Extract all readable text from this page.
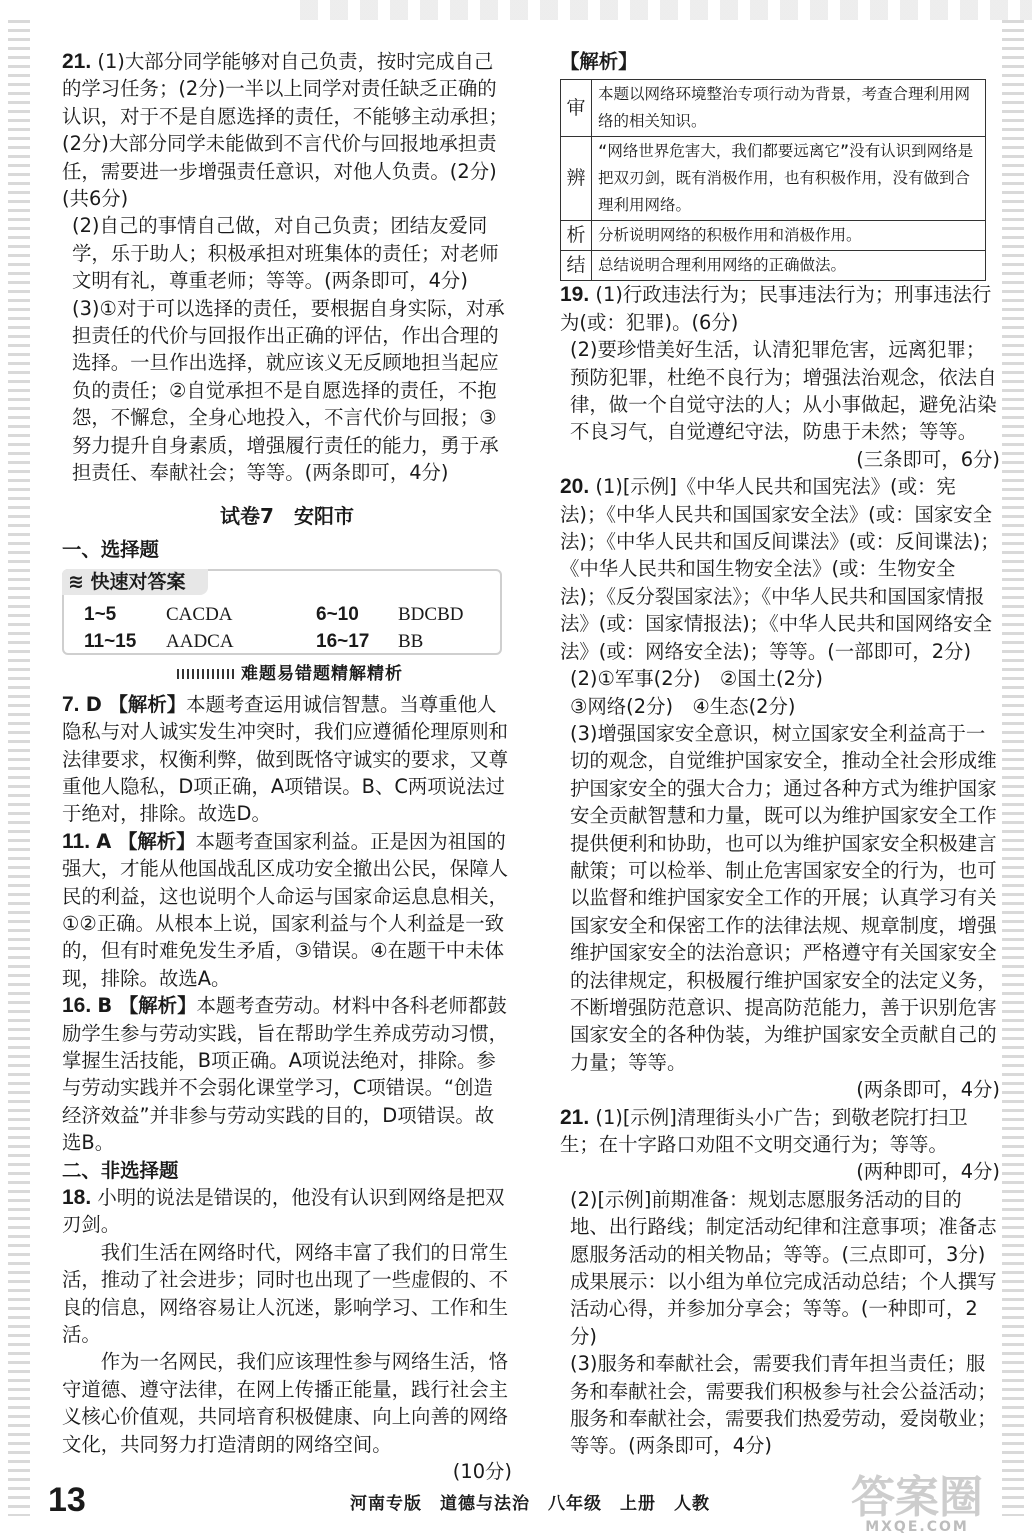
21. (1)大部分同学能够对自己负责，按时完成自己的学习任务；(2分)一半以上同学对责任缺乏正确的认识，对于不是自愿选择的责任，不能够主动承担；(2分)大部分同学未能做到不言代价与回报地承担责任，需要进一步增强责任意识，对他人负责。(2分)(共6分)

(2)自己的事情自己做，对自己负责；团结友爱同学，乐于助人；积极承担对班集体的责任；对老师文明有礼，尊重老师；等等。(两条即可，4分)

(3)①对于可以选择的责任，要根据自身实际，对承担责任的代价与回报作出正确的评估，作出合理的选择。一旦作出选择，就应该义无反顾地担当起应负的责任；②自觉承担不是自愿选择的责任，不抱怨，不懈怠，全身心地投入，不言代价与回报；③努力提升自身素质，增强履行责任的能力，勇于承担责任、奉献社会；等等。(两条即可，4分)

试卷7　安阳市

一、选择题

≋ 快速对答案
1~5	CACDA	6~10	BDCBD
11~15	AADCA	16~17	BB
难题易错题精解精析

7. D 【解析】本题考查运用诚信智慧。当尊重他人隐私与对人诚实发生冲突时，我们应遵循伦理原则和法律要求，权衡利弊，做到既恪守诚实的要求，又尊重他人隐私，D项正确，A项错误。B、C两项说法过于绝对，排除。故选D。

11. A 【解析】本题考查国家利益。正是因为祖国的强大，才能从他国战乱区成功安全撤出公民，保障人民的利益，这也说明个人命运与国家命运息息相关，①②正确。从根本上说，国家利益与个人利益是一致的，但有时难免发生矛盾，③错误。④在题干中未体现，排除。故选A。

16. B 【解析】本题考查劳动。材料中各科老师都鼓励学生参与劳动实践，旨在帮助学生养成劳动习惯，掌握生活技能，B项正确。A项说法绝对，排除。参与劳动实践并不会弱化课堂学习，C项错误。“创造经济效益”并非参与劳动实践的目的，D项错误。故选B。

二、非选择题

18. 小明的说法是错误的，他没有认识到网络是把双刃剑。

我们生活在网络时代，网络丰富了我们的日常生活，推动了社会进步；同时也出现了一些虚假的、不良的信息，网络容易让人沉迷，影响学习、工作和生活。

作为一名网民，我们应该理性参与网络生活，恪守道德、遵守法律，在网上传播正能量，践行社会主义核心价值观，共同培育积极健康、向上向善的网络文化，共同努力打造清朗的网络空间。

(10分)

【解析】

审	本题以网络环境整治专项行动为背景，考查合理利用网络的相关知识。
辨	“网络世界危害大，我们都要远离它”没有认识到网络是把双刃剑，既有消极作用，也有积极作用，没有做到合理利用网络。
析	分析说明网络的积极作用和消极作用。
结	总结说明合理利用网络的正确做法。

19. (1)行政违法行为；民事违法行为；刑事违法行为(或：犯罪)。(6分)

(2)要珍惜美好生活，认清犯罪危害，远离犯罪；预防犯罪，杜绝不良行为；增强法治观念，依法自律，做一个自觉守法的人；从小事做起，避免沾染不良习气，自觉遵纪守法，防患于未然；等等。

(三条即可，6分)

20. (1)[示例]《中华人民共和国宪法》(或：宪法)；《中华人民共和国国家安全法》(或：国家安全法)；《中华人民共和国反间谍法》(或：反间谍法)；《中华人民共和国生物安全法》(或：生物安全法)；《反分裂国家法》；《中华人民共和国国家情报法》(或：国家情报法)；《中华人民共和国网络安全法》(或：网络安全法)；等等。(一部即可，2分)

(2)①军事(2分)　②国土(2分)

③网络(2分)　④生态(2分)

(3)增强国家安全意识，树立国家安全利益高于一切的观念，自觉维护国家安全，推动全社会形成维护国家安全的强大合力；通过各种方式为维护国家安全贡献智慧和力量，既可以为维护国家安全工作提供便利和协助，也可以为维护国家安全积极建言献策；可以检举、制止危害国家安全的行为，也可以监督和维护国家安全工作的开展；认真学习有关国家安全和保密工作的法律法规、规章制度，增强维护国家安全的法治意识；严格遵守有关国家安全的法律规定，积极履行维护国家安全的法定义务，不断增强防范意识、提高防范能力，善于识别危害国家安全的各种伪装，为维护国家安全贡献自己的力量；等等。

(两条即可，4分)

21. (1)[示例]清理街头小广告；到敬老院打扫卫生；在十字路口劝阻不文明交通行为；等等。

(两种即可，4分)

(2)[示例]前期准备：规划志愿服务活动的目的地、出行路线；制定活动纪律和注意事项；准备志愿服务活动的相关物品；等等。(三点即可，3分)

成果展示：以小组为单位完成活动总结；个人撰写活动心得，并参加分享会；等等。(一种即可，2分)

(3)服务和奉献社会，需要我们青年担当责任；服务和奉献社会，需要我们积极参与社会公益活动；服务和奉献社会，需要我们热爱劳动，爱岗敬业；等等。(两条即可，4分)

13	河南专版　道德与法治　八年级　上册　人教	答案圈
MXQE.COM
